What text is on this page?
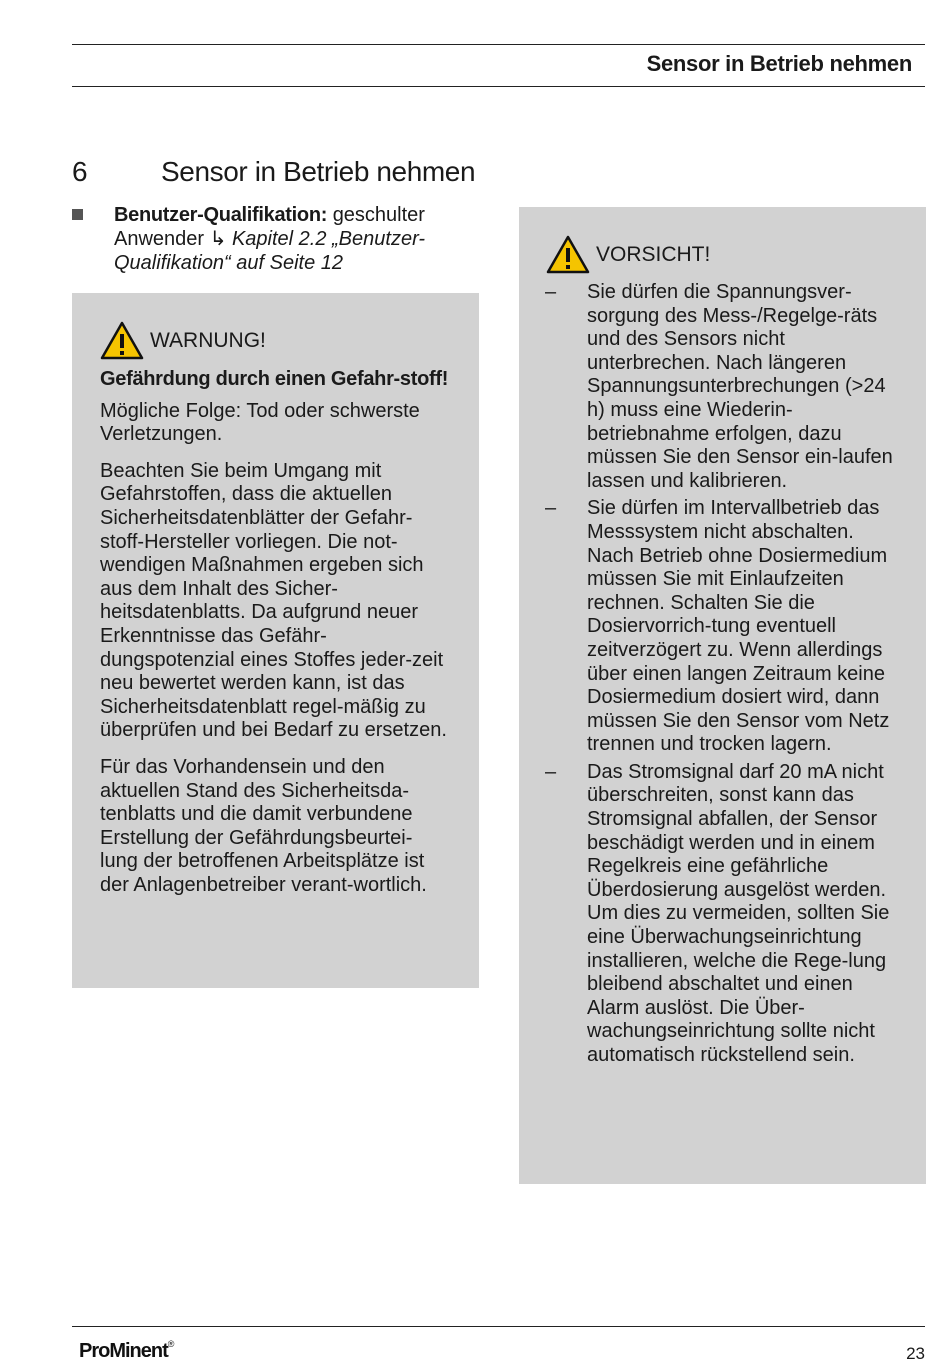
Sensor in Betrieb nehmen
6	Sensor in Betrieb nehmen
Benutzer-Qualifikation: geschulter Anwender ↳ Kapitel 2.2 „Benutzer-Qualifikation“ auf Seite 12
WARNUNG!

Gefährdung durch einen Gefahr-stoff!

Mögliche Folge: Tod oder schwerste Verletzungen.

Beachten Sie beim Umgang mit Gefahrstoffen, dass die aktuellen Sicherheitsdatenblätter der Gefahr-stoff-Hersteller vorliegen. Die not-wendigen Maßnahmen ergeben sich aus dem Inhalt des Sicher-heitsdatenblatts. Da aufgrund neuer Erkenntnisse das Gefähr-dungspotenzial eines Stoffes jeder-zeit neu bewertet werden kann, ist das Sicherheitsdatenblatt regel-mäßig zu überprüfen und bei Bedarf zu ersetzen.

Für das Vorhandensein und den aktuellen Stand des Sicherheitsda-tenblatts und die damit verbundene Erstellung der Gefährdungsbeurtei-lung der betroffenen Arbeitsplätze ist der Anlagenbetreiber verant-wortlich.

VORSICHT!
– Sie dürfen die Spannungsver-sorgung des Mess-/Regelge-räts und des Sensors nicht unterbrechen. Nach längeren Spannungsunterbrechungen (>24 h) muss eine Wiederin-betriebnahme erfolgen, dazu müssen Sie den Sensor ein-laufen lassen und kalibrieren.
– Sie dürfen im Intervallbetrieb das Messsystem nicht abschalten. Nach Betrieb ohne Dosiermedium müssen Sie mit Einlaufzeiten rechnen. Schalten Sie die Dosiervorrich-tung eventuell zeitverzögert zu. Wenn allerdings über einen langen Zeitraum keine Dosiermedium dosiert wird, dann müssen Sie den Sensor vom Netz trennen und trocken lagern.
– Das Stromsignal darf 20 mA nicht überschreiten, sonst kann das Stromsignal abfallen, der Sensor beschädigt werden und in einem Regelkreis eine gefährliche Überdosierung ausgelöst werden. Um dies zu vermeiden, sollten Sie eine Überwachungseinrichtung installieren, welche die Rege-lung bleibend abschaltet und einen Alarm auslöst. Die Über-wachungseinrichtung sollte nicht automatisch rückstellend sein.
ProMinent®	23
